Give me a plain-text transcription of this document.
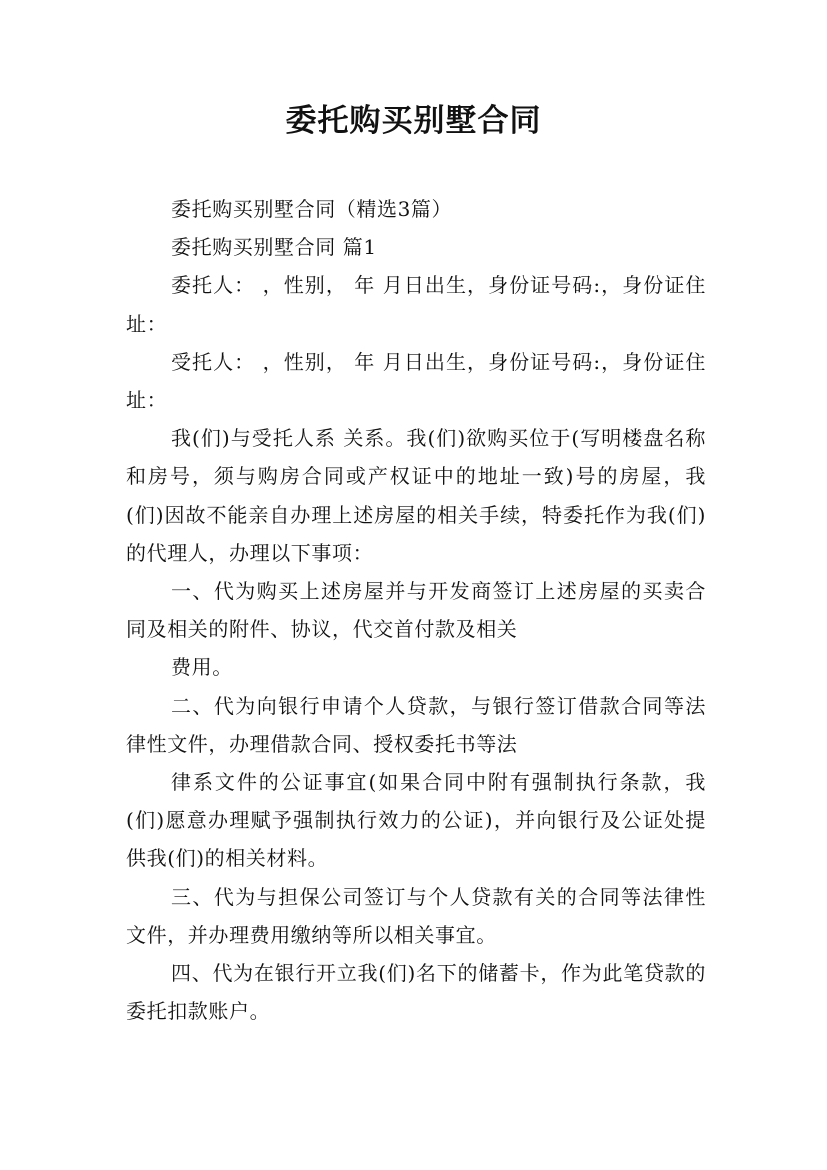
委托购买别墅合同

委托购买别墅合同（精选3篇）

委托购买别墅合同 篇1

委托人： ，性别， 年 月日出生，身份证号码:，身份证住址：

受托人： ，性别， 年 月日出生，身份证号码:，身份证住址：

我(们)与受托人系 关系。我(们)欲购买位于(写明楼盘名称和房号，须与购房合同或产权证中的地址一致)号的房屋，我(们)因故不能亲自办理上述房屋的相关手续，特委托作为我(们)的代理人，办理以下事项：

一、代为购买上述房屋并与开发商签订上述房屋的买卖合同及相关的附件、协议，代交首付款及相关

费用。

二、代为向银行申请个人贷款，与银行签订借款合同等法律性文件，办理借款合同、授权委托书等法

律系文件的公证事宜(如果合同中附有强制执行条款，我(们)愿意办理赋予强制执行效力的公证)，并向银行及公证处提供我(们)的相关材料。

三、代为与担保公司签订与个人贷款有关的合同等法律性文件，并办理费用缴纳等所以相关事宜。

四、代为在银行开立我(们)名下的储蓄卡，作为此笔贷款的委托扣款账户。
